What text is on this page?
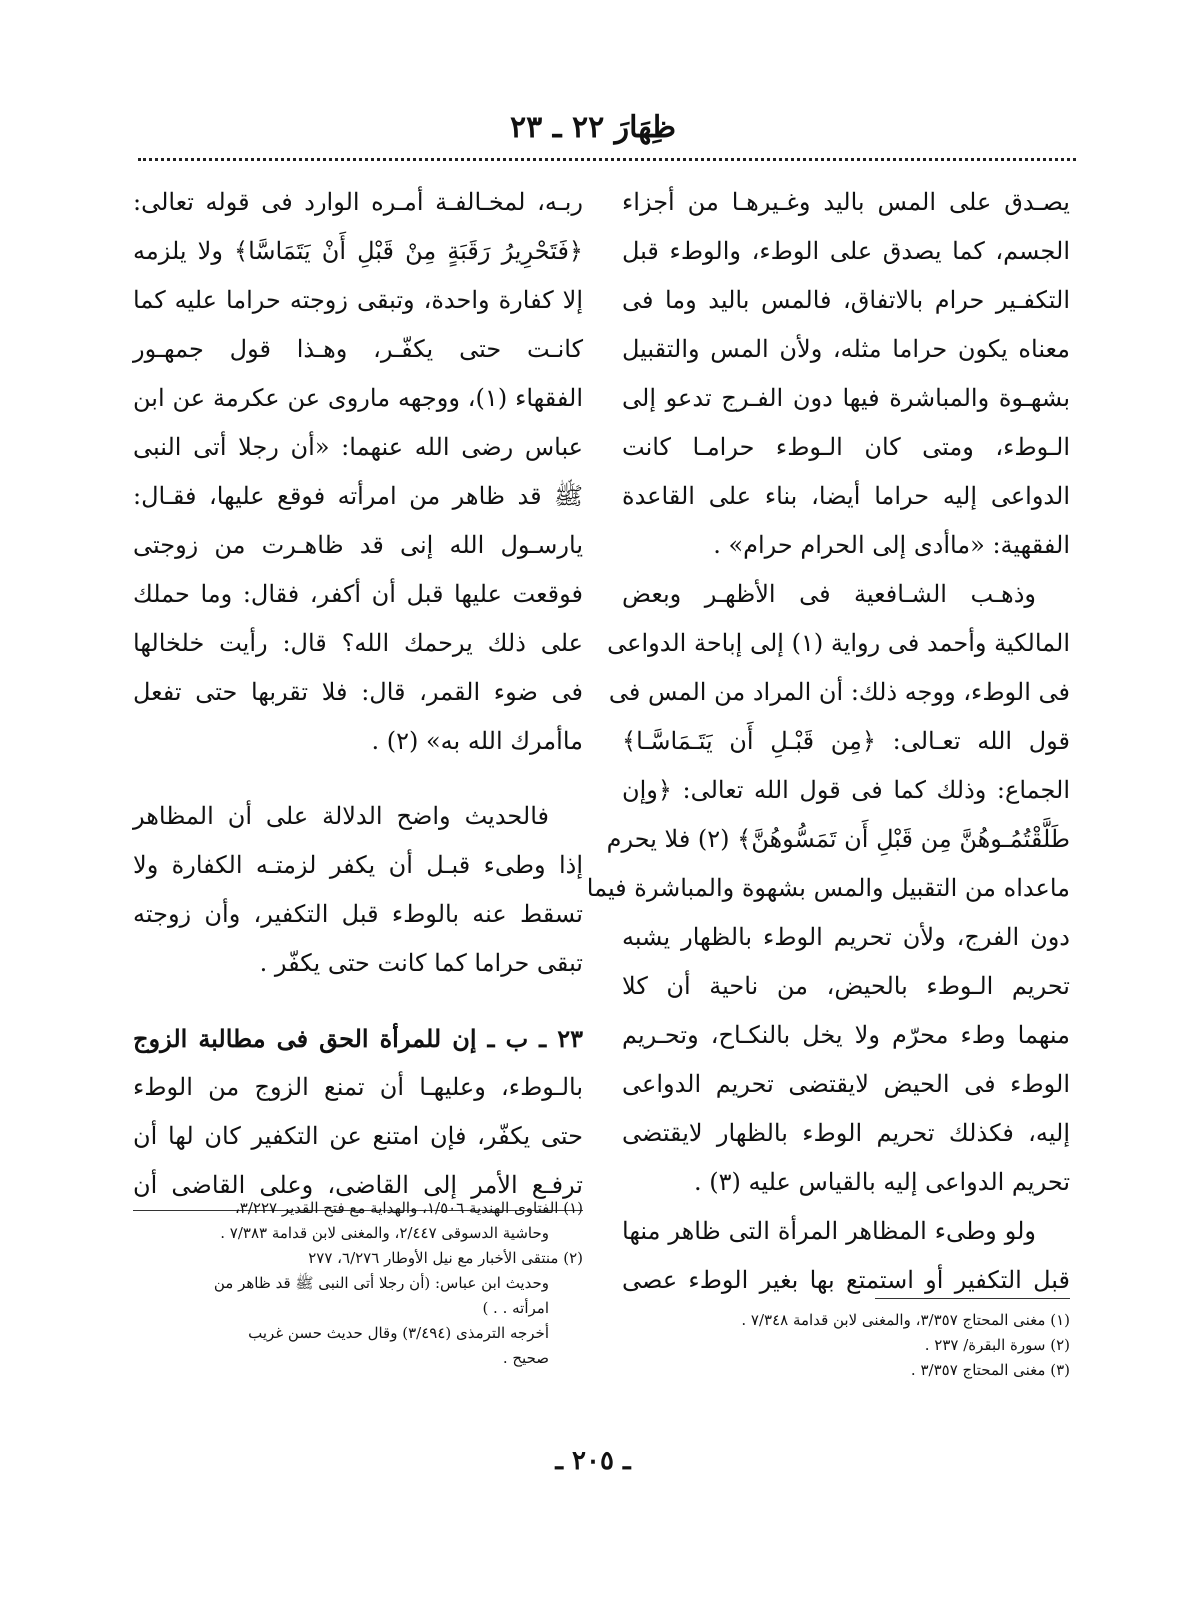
ظِهَارَ ٢٢ ـ ٢٣
يصـدق على المس باليد وغـيرهـا من أجزاء
الجسم، كما يصدق على الوطء، والوطء قبل
التكفـير حرام بالاتفاق، فالمس باليد وما فى
معناه يكون حراما مثله، ولأن المس والتقبيل
بشهـوة والمباشرة فيها دون الفـرج تدعو إلى
الـوطء، ومتى كان الـوطء حرامـا كانت
الدواعى إليه حراما أيضا، بناء على القاعدة
الفقهية: «ماأدى إلى الحرام حرام» .
وذهـب الشـافعية فى الأظهـر وبعض
المالكية وأحمد فى رواية (١) إلى إباحة الدواعى
فى الوطء، ووجه ذلك: أن المراد من المس فى
قول الله تعـالى: ﴿مِن قَبْـلِ أَن يَتَـمَاسَّـا﴾
الجماع: وذلك كما فى قول الله تعالى: ﴿وإن
طَلَّقْتُمُـوهُنَّ مِن قَبْلِ أَن تَمَسُّوهُنَّ﴾ (٢) فلا يحرم
ماعداه من التقبيل والمس بشهوة والمباشرة فيما
دون الفرج، ولأن تحريم الوطء بالظهار يشبه
تحريم الـوطء بالحيض، من ناحية أن كلا
منهما وطء محرّم ولا يخل بالنكـاح، وتحـريم
الوطء فى الحيض لايقتضى تحريم الدواعى
إليه، فكذلك تحريم الوطء بالظهار لايقتضى
تحريم الدواعى إليه بالقياس عليه (٣) .
ولو وطىء المظاهر المرأة التى ظاهر منها
قبل التكفير أو استمتع بها بغير الوطء عصى
ربـه، لمخـالفـة أمـره الوارد فى قوله تعالى:
﴿فَتَحْرِيرُ رَقَبَةٍ مِنْ قَبْلِ أَنْ يَتَمَاسَّا﴾ ولا يلزمه
إلا كفارة واحدة، وتبقى زوجته حراما عليه كما
كانـت حتى يكفّـر، وهـذا قول جمهـور
الفقهاء (١)، ووجهه ماروى عن عكرمة عن ابن
عباس رضى الله عنهما: «أن رجلا أتى النبى
ﷺ قد ظاهر من امرأته فوقع عليها، فقـال:
يارسـول الله إنى قد ظاهـرت من زوجتى
فوقعت عليها قبل أن أكفر، فقال: وما حملك
على ذلك يرحمك الله؟ قال: رأيت خلخالها
فى ضوء القمر، قال: فلا تقربها حتى تفعل
ماأمرك الله به» (٢) .
فالحديث واضح الدلالة على أن المظاهر
إذا وطىء قبـل أن يكفر لزمتـه الكفارة ولا
تسقط عنه بالوطء قبل التكفير، وأن زوجته
تبقى حراما كما كانت حتى يكفّر .
٢٣ ـ ب ـ إن للمرأة الحق فى مطالبة الزوج
بالـوطء، وعليهـا أن تمنع الزوج من الوطء
حتى يكفّر، فإن امتنع عن التكفير كان لها أن
ترفـع الأمر إلى القاضى، وعلى القاضى أن
(١) مغنى المحتاج ٣/٣٥٧، والمغنى لابن قدامة ٧/٣٤٨ .
(٢) سورة البقرة/ ٢٣٧ .
(٣) مغنى المحتاج ٣/٣٥٧ .
(١) الفتاوى الهندية ١/٥٠٦، والهداية مع فتح القدير ٣/٢٢٧،
وحاشية الدسوقى ٢/٤٤٧، والمغنى لابن قدامة ٧/٣٨٣ .
(٢) منتقى الأخبار مع نيل الأوطار ٦/٢٧٦، ٢٧٧
وحديث ابن عباس: (أن رجلا أتى النبى ﷺ قد ظاهر من
امرأته . . )
أخرجه الترمذى (٣/٤٩٤) وقال حديث حسن غريب
صحيح .
ـ ٢٠٥ ـ
